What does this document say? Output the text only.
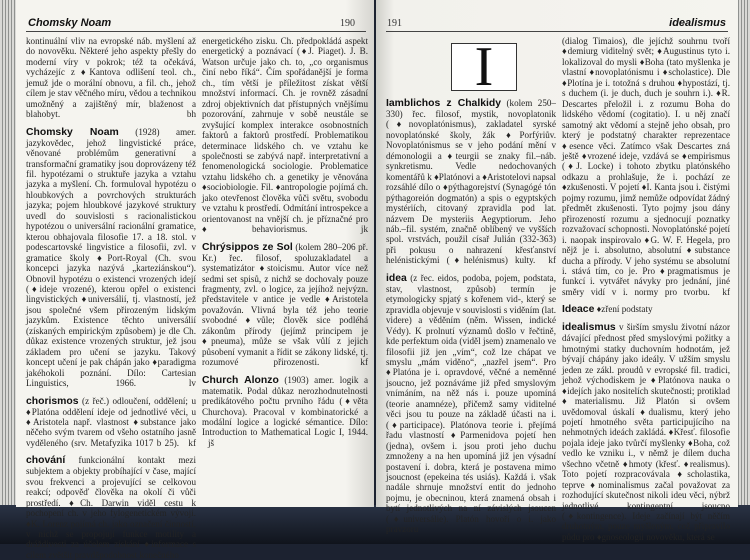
Chomsky Noam	190

kontinuální vliv na evropské náb. myšlení až do novověku. Některé jeho aspekty přešly do moderní víry v pokrok; též ta očekává, vycházejíc z ♦Kantova odlišení teol. ch., jemuž jde o morální obnovu, a fil. ch., jehož cílem je stav věčného míru, vědou a technikou umožněný a zajištěný mír, blaženost a blahobyt.	bh

Chomsky Noam (1928) amer. jazykovědec, jehož lingvistické práce, věnované problémům generativní a transformační gramatiky jsou doprovázeny též fil. hypotézami o struktuře jazyka a vztahu jazyka a myšlení. Ch. formuloval hypotézu o hloubkových a povrchových strukturách jazyka; pojem hloubkové jazykové struktury uvedl do souvislosti s racionalistickou hypotézou o universální racionální gramatice, kterou obhajovala filosofie 17. a 18. stol. v podescartovské lingvistice a filosofii, zvl. v gramatice školy ♦Port-Royal (Ch. svou koncepci jazyka nazývá „karteziánskou“). Obnovil hypotézu o existenci vrozených idejí (♦ideje vrozené), kterou opřel o existenci lingvistických ♦universálií, tj. vlastností, jež jsou společné všem přirozeným lidským jazykům. Existence těchto universálií (získaných empirickým způsobem) je dle Ch. důkaz existence vrozených struktur, jež jsou základem pro učení se jazyku. Takový koncept učení je pak chápán jako ♦paradigma jakéhokoli poznání. Dílo: Cartesian Linguistics, 1966.	lv

chorismos (z řeč.) odloučení, oddělení; u ♦Platóna oddělení ideje od jednotlivé věci, u ♦Aristotela např. vlastnost ♦substance jako něčeho svým tvarem od všeho ostatního jasně vyděleného (srv. Metafyzika 1017 b 25). kf

chování funkcionální kontakt mezi subjektem a objekty probíhající v čase, mající svou frekvenci a projevující se celkovou reakcí; odpověď člověka na okolí či vůči prostředí. ♦Ch. Darwin viděl cestu k pochopení ch. v jeho fylogenetickém vývoji. ♦K. Lorenz pojímá ch. jako označení činností, v nichž se propojují funkce motility a dráždivosti za účelem získání ♦informace s cílem zvětšit pravděpodobnost konečného

energetického zisku. Ch. předpokládá aspekt energetický a poznávací (♦J. Piaget). J. B. Watson určuje jako ch. to, „co organismus činí nebo říká“. Čím spořádanější je forma ch., tím větší je příležitost získat větší množství informací. Ch. je rovněž zásadní zdroj objektivních dat přístupných vnějšímu pozorování, zahrnuje v sobě neustále se zvyšující komplex interakce osobnostních faktorů a faktorů prostředí. Problematikou determinace lidského ch. ve vztahu ke společnosti se zabývá např. interpretativní a fenomenologická sociologie. Problematice vztahu lidského ch. a genetiky je věnována ♦sociobiologie. Fil. ♦antropologie pojímá ch. jako otevřenost člověka vůči světu, svobodu ve vztahu k prostředí. Odmítání introspekce a orientovanost na vnější ch. je příznačné pro ♦behaviorismus.	jk

Chrýsippos ze Sol (kolem 280–206 př. Kr.) řec. filosof, spoluzakladatel a systematizátor ♦stoicismu. Autor více než sedmi set spisů, z nichž se dochovaly pouze fragmenty, zvl. o logice, za jejíhož nejvýzn. představitele v antice je vedle ♦Aristotela považován. Vlivná byla též jeho teorie svobodné ♦vůle; člověk sice podléhá zákonům přírody (jejímž principem je ♦pneuma), může se však vůlí z jejich působení vymanit a řídit se zákony lidské, tj. rozumové přirozenosti.	kf

Church Alonzo (1903) amer. logik a matematik. Podal důkaz nerozhodnutelnosti predikátového počtu prvního řádu (♦věta Churchova). Pracoval v kombinatorické a modální logice a logické sémantice. Dílo: Introduction to Mathematical Logic I, 1944. jš

191	idealismus
I

Iamblichos z Chalkidy (kolem 250–330) řec. filosof, mystik, novoplatonik (♦novoplatónismus), zakladatel syrské novoplatónské školy, žák ♦Porfýriův. Novoplatónismus se v jeho podání mění v démonologii a ♦teurgii se znaky fil.–náb. synkretismu. Vedle nedochovaných komentářů k ♦Platónovi a ♦Aristotelovi napsal rozsáhlé dílo o ♦pýthagorejství (Synagógé tón pýthagoreión dogmatón) a spis o egyptských mystériích, citovaný zpravidla pod lat. názvem De mysteriis Aegyptiorum. Jeho náb.–fil. systém, značně oblíbený ve vyšších spol. vrstvách, použil císař Julián (332-363) při pokusu o nahrazení křesťanství helénistickými (♦helénismus) kulty. kf

idea (z řec. eidos, podoba, pojem, podstata, stav, vlastnost, způsob) termín je etymologicky spjatý s kořenem vid-, který se zpravidla objevuje v souvislosti s viděním (lat. videre) a věděním (něm. Wissen, indické Védy). K prolnutí významů došlo v řečtině, kde perfektum oida (viděl jsem) znamenalo ve filosofii již jen „vím“, což lze chápat ve smyslu „mám viděno“, „nazřel jsem“. Pro ♦Platóna je i. opravdové, věčné a neměnné jsoucno, jež poznáváme již před smyslovým vnímáním, na něž nás i. pouze upomíná (teorie anamnéze), přičemž samy viditelné věci jsou tu pouze na základě účasti na i. (♦participace). Platónova teorie i. přejímá řadu vlastností ♦Parmenidova pojetí hen (jedna), ovšem i. jsou proti jeho duchu zmnoženy a na hen upomíná již jen výsadní postavení i. dobra, která je postavena mimo jsoucnost (epekeina tés usiás). Každá i. však nadále shrnuje množství entit do jednoho pojmu, je obecninou, která znamená obsah i bytí jednotlivých na ní závislých jsoucen (♦universálie). Platón hovoří o i. jako pravzoru

(dialog Timaios), dle jejíchž souhrnu tvoří ♦demiurg viditelný svět; ♦Augustinus tyto i. lokalizoval do mysli ♦Boha (tato myšlenka je vlastní ♦novoplatónismu i ♦scholastice). Dle ♦Plotína je i. totožná s druhou ♦hypostází, tj. s duchem (i. je duch, duch je souhrn i.). ♦R. Descartes přeložil i. z rozumu Boha do lidského vědomí (cogitatio). I. u něj značí samotný akt vědomí a stejně jeho obsah, pro který je podstatný charakter reprezentace ♦esence věci. Zatímco však Descartes zná ještě ♦vrozené ideje, vzdává se ♦empirismus (♦J. Locke) i tohoto zbytku platónského odkazu a prohlašuje, že i. pochází ze ♦zkušenosti. V pojetí ♦I. Kanta jsou i. čistými pojmy rozumu, jimž nemůže odpovídat žádný předmět zkušenosti. Tyto pojmy jsou dány přirozeností rozumu a sjednocují poznatky rozvažovací schopnosti. Novoplatónské pojetí i. naopak inspirovalo ♦G. W. F. Hegela, pro nějž je i. absolutno, absolutní ♦substance ducha a přírody. V jeho systému se absolutní i. stává tím, co je. Pro ♦pragmatismus je funkcí i. vytvářet návyky pro jednání, jiné směry vidí v i. normy pro tvorbu. kf

Ideace ♦zření podstaty

idealismus v širším smyslu životní názor dávající přednost před smyslovými požitky a hmotnými statky duchovním hodnotám, jež bývají chápány jako ideály. V užším smyslu jeden ze zákl. proudů v evropské fil. tradici, jehož východiskem je ♦Platónova nauka o ♦idejích jako nositelích skutečnosti; protiklad ♦materialismu. Již Platón si ovšem uvědomoval úskalí ♦dualismu, který jeho pojetí hmotného světa participujícího na nehmotných ideách zakládá. ♦Křesť. filosofie pojala ideje jako tvůrčí myšlenky ♦Boha, což vedlo ke vzniku i., v němž je dílem ducha všechno včetně ♦hmoty (křesť. ♦realismus). Toto pojetí rozpracovávala ♦scholastika, teprve ♦nominalismus začal považovat za rozhodující skutečnost nikoli ideu věci, nýbrž jednotlivé kontingentní jsoucno (♦kontingence). Ideje začínají být něčím druhotným, pouze myšleným, což připravilo půdu pro ♦gnoseologii novověku, která se
